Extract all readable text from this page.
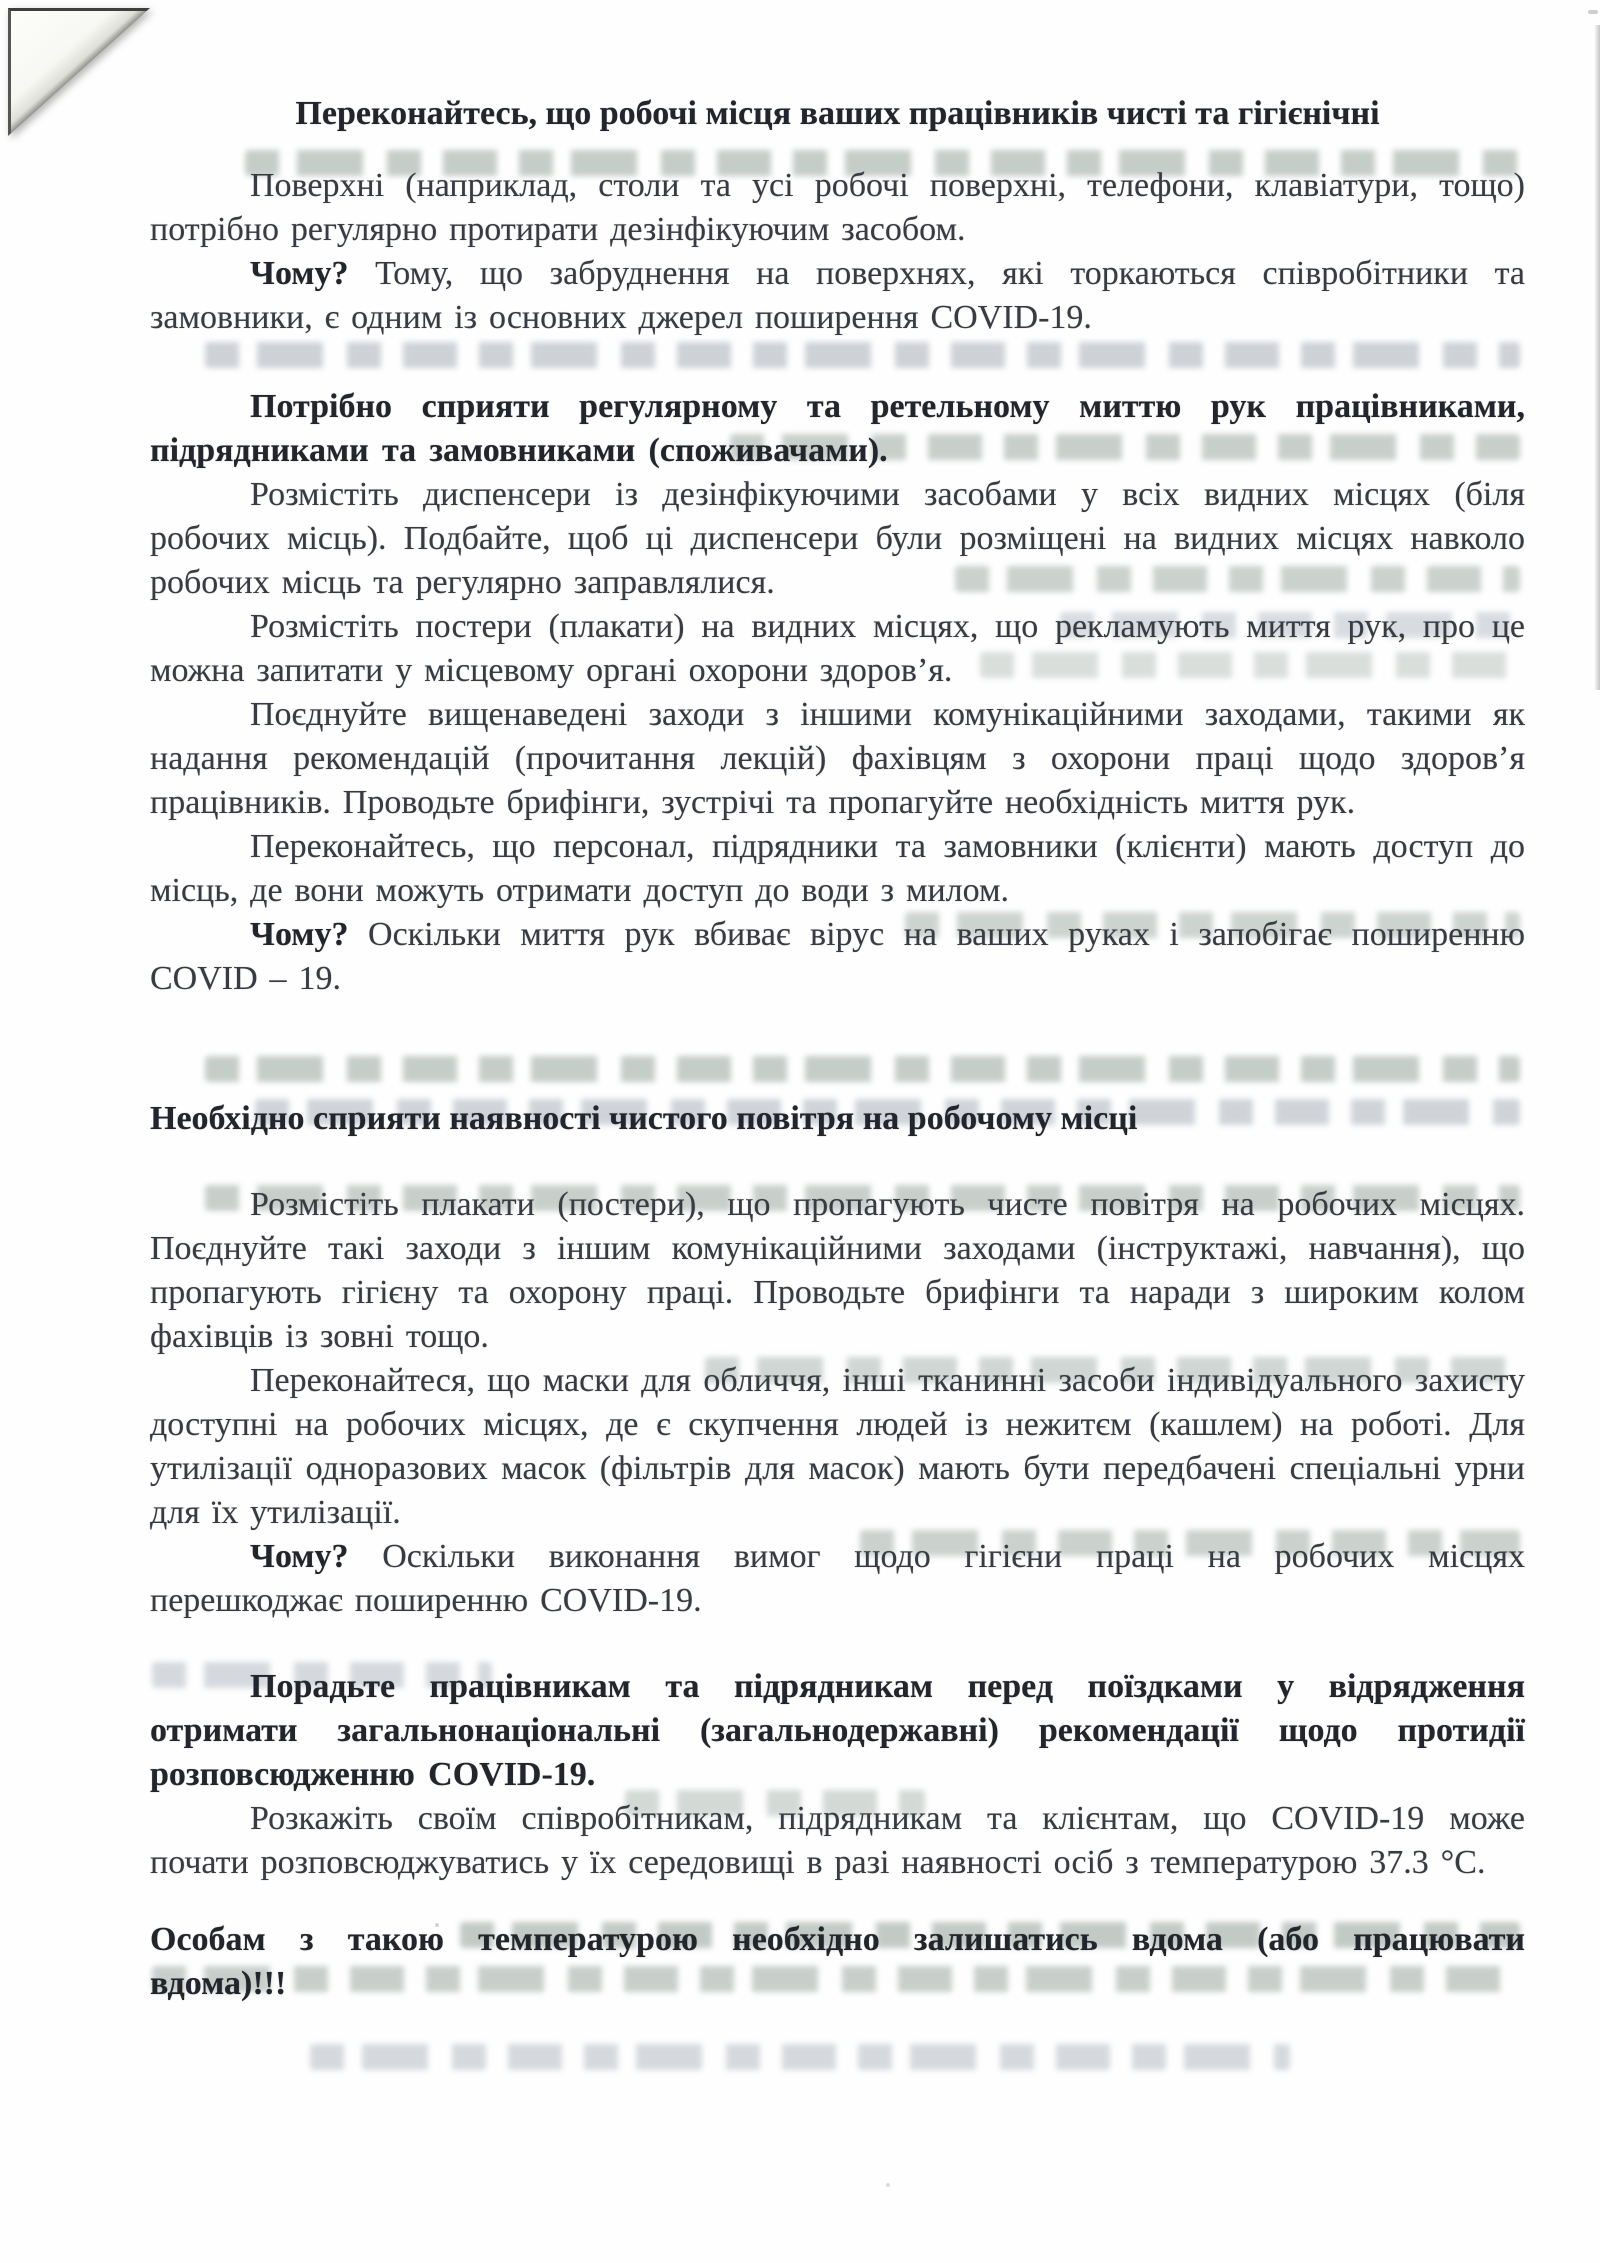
Переконайтесь, що робочі місця ваших працівників чисті та гігієнічні

Поверхні (наприклад, столи та усі робочі поверхні, телефони, клавіатури, тощо) потрібно регулярно протирати дезінфікуючим засобом.

Чому? Тому, що забруднення на поверхнях, які торкаються співробітники та замовники, є одним із основних джерел поширення COVID-19.

Потрібно сприяти регулярному та ретельному миттю рук працівниками, підрядниками та замовниками (споживачами).

Розмістіть диспенсери із дезінфікуючими засобами у всіх видних місцях (біля робочих місць). Подбайте, щоб ці диспенсери були розміщені на видних місцях навколо робочих місць та регулярно заправлялися.

Розмістіть постери (плакати) на видних місцях, що рекламують миття рук, про це можна запитати у місцевому органі охорони здоров’я.

Поєднуйте вищенаведені заходи з іншими комунікаційними заходами, такими як надання рекомендацій (прочитання лекцій) фахівцям з охорони праці щодо здоров’я працівників. Проводьте брифінги, зустрічі та пропагуйте необхідність миття рук.

Переконайтесь, що персонал, підрядники та замовники (клієнти) мають доступ до місць, де вони можуть отримати доступ до води з милом.

Чому? Оскільки миття рук вбиває вірус на ваших руках і запобігає поширенню COVID – 19.

Необхідно сприяти наявності чистого повітря на робочому місці

Розмістіть плакати (постери), що пропагують чисте повітря на робочих місцях. Поєднуйте такі заходи з іншим комунікаційними заходами (інструктажі, навчання), що пропагують гігієну та охорону праці. Проводьте брифінги та наради з широким колом фахівців із зовні тощо.

Переконайтеся, що маски для обличчя, інші тканинні засоби індивідуального захисту доступні на робочих місцях, де є скупчення людей із нежитєм (кашлем) на роботі. Для утилізації одноразових масок (фільтрів для масок) мають бути передбачені спеціальні урни для їх утилізації.

Чому? Оскільки виконання вимог щодо гігієни праці на робочих місцях перешкоджає поширенню COVID-19.

Порадьте працівникам та підрядникам перед поїздками у відрядження отримати загальнонаціональні (загальнодержавні) рекомендації щодо протидії розповсюдженню COVID-19.

Розкажіть своїм співробітникам, підрядникам та клієнтам, що COVID-19 може почати розповсюджуватись у їх середовищі в разі наявності осіб з температурою 37.3 °С.

Особам з такою температурою необхідно залишатись вдома (або працювати вдома)!!!
